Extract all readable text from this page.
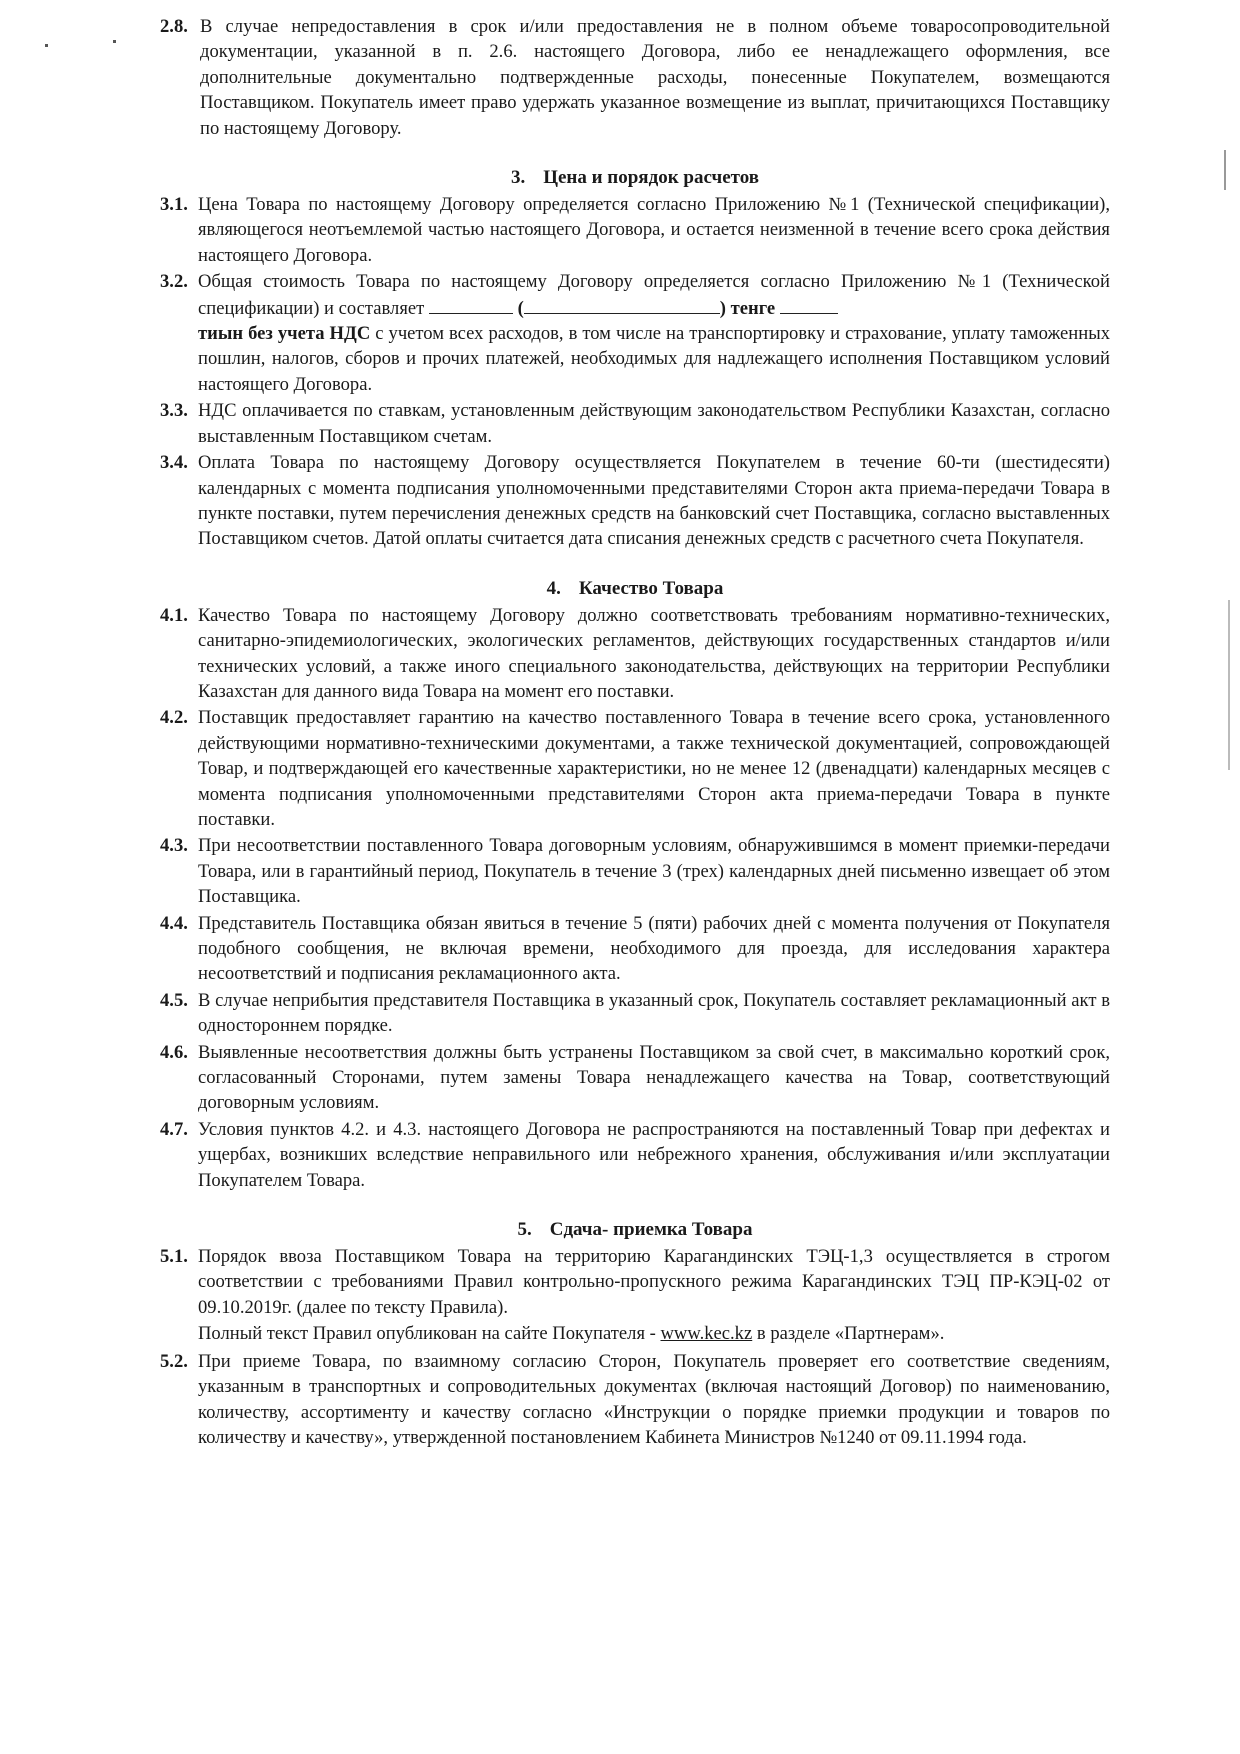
2.8. В случае непредоставления в срок и/или предоставления не в полном объеме товаросопроводительной документации, указанной в п. 2.6. настоящего Договора, либо ее ненадлежащего оформления, все дополнительные документально подтвержденные расходы, понесенные Покупателем, возмещаются Поставщиком. Покупатель имеет право удержать указанное возмещение из выплат, причитающихся Поставщику по настоящему Договору.
3. Цена и порядок расчетов
3.1. Цена Товара по настоящему Договору определяется согласно Приложению №1 (Технической спецификации), являющегося неотъемлемой частью настоящего Договора, и остается неизменной в течение всего срока действия настоящего Договора.
3.2. Общая стоимость Товара по настоящему Договору определяется согласно Приложению №1 (Технической спецификации) и составляет	(	) тенге
тиын без учета НДС с учетом всех расходов, в том числе на транспортировку и страхование, уплату таможенных пошлин, налогов, сборов и прочих платежей, необходимых для надлежащего исполнения Поставщиком условий настоящего Договора.
3.3. НДС оплачивается по ставкам, установленным действующим законодательством Республики Казахстан, согласно выставленным Поставщиком счетам.
3.4. Оплата Товара по настоящему Договору осуществляется Покупателем в течение 60-ти (шестидесяти) календарных с момента подписания уполномоченными представителями Сторон акта приема-передачи Товара в пункте поставки, путем перечисления денежных средств на банковский счет Поставщика, согласно выставленных Поставщиком счетов. Датой оплаты считается дата списания денежных средств с расчетного счета Покупателя.
4. Качество Товара
4.1. Качество Товара по настоящему Договору должно соответствовать требованиям нормативно-технических, санитарно-эпидемиологических, экологических регламентов, действующих государственных стандартов и/или технических условий, а также иного специального законодательства, действующих на территории Республики Казахстан для данного вида Товара на момент его поставки.
4.2. Поставщик предоставляет гарантию на качество поставленного Товара в течение всего срока, установленного действующими нормативно-техническими документами, а также технической документацией, сопровождающей Товар, и подтверждающей его качественные характеристики, но не менее 12 (двенадцати) календарных месяцев с момента подписания уполномоченными представителями Сторон акта приема-передачи Товара в пункте поставки.
4.3. При несоответствии поставленного Товара договорным условиям, обнаружившимся в момент приемки-передачи Товара, или в гарантийный период, Покупатель в течение 3 (трех) календарных дней письменно извещает об этом Поставщика.
4.4. Представитель Поставщика обязан явиться в течение 5 (пяти) рабочих дней с момента получения от Покупателя подобного сообщения, не включая времени, необходимого для проезда, для исследования характера несоответствий и подписания рекламационного акта.
4.5. В случае неприбытия представителя Поставщика в указанный срок, Покупатель составляет рекламационный акт в одностороннем порядке.
4.6. Выявленные несоответствия должны быть устранены Поставщиком за свой счет, в максимально короткий срок, согласованный Сторонами, путем замены Товара ненадлежащего качества на Товар, соответствующий договорным условиям.
4.7. Условия пунктов 4.2. и 4.3. настоящего Договора не распространяются на поставленный Товар при дефектах и ущербах, возникших вследствие неправильного или небрежного хранения, обслуживания и/или эксплуатации Покупателем Товара.
5. Сдача- приемка Товара
5.1. Порядок ввоза Поставщиком Товара на территорию Карагандинских ТЭЦ-1,3 осуществляется в строгом соответствии с требованиями Правил контрольно-пропускного режима Карагандинских ТЭЦ ПР-КЭЦ-02 от 09.10.2019г. (далее по тексту Правила).
Полный текст Правил опубликован на сайте Покупателя - www.kec.kz в разделе «Партнерам».
5.2. При приеме Товара, по взаимному согласию Сторон, Покупатель проверяет его соответствие сведениям, указанным в транспортных и сопроводительных документах (включая настоящий Договор) по наименованию, количеству, ассортименту и качеству согласно «Инструкции о порядке приемки продукции и товаров по количеству и качеству», утвержденной постановлением Кабинета Министров №1240 от 09.11.1994 года.
